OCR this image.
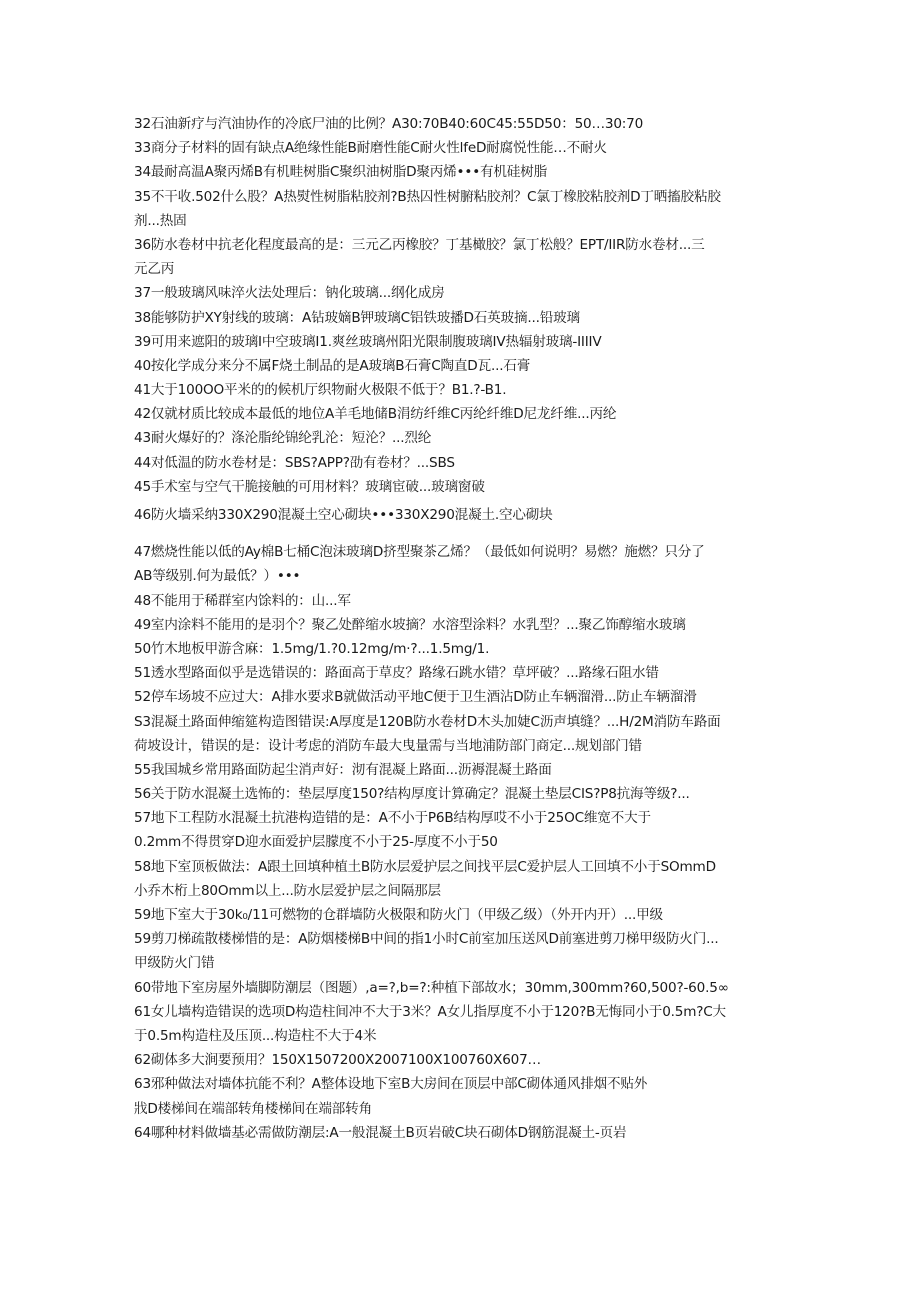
32石油新疗与汽油协作的冷底尸油的比例？A30:70B40:60C45:55D50：50…30:70
33商分子材料的固有缺点A绝缘性能B耐磨性能C耐火性lfeD耐腐悦性能…不耐火
34最耐高温A聚丙烯B有机畦树脂C聚织油树脂D聚丙烯•••有机硅树脂
35不干收.502什么股？A热熨性树脂粘胶剂?B热囚性树腑粘胶剂？C氯丁橡胶粘胶剂D丁晒搐胶粘胶
剂...热固
36防水卷材中抗老化程度最高的是：三元乙丙橡胶？丁基橄胶？氯丁松般？EPT/IIR防水卷材...三
元乙丙
37一般玻璃风味淬火法处理后：钠化玻璃...纲化成房
38能够防护XY射线的玻璃：A钻玻嫡B钾玻璃C铝铁玻播D石英玻摘...铅玻璃
39可用来遮阳的玻璃I中空玻璃I1.爽丝玻璃州阳光限制腹玻璃IV热辐射玻璃-IIIIV
40按化学成分来分不属F烧土制品的是A玻璃B石膏C陶直D瓦...石膏
41大于100OO平米的的候机厅织物耐火极限不低于？B1.?-B1.
42仅就材质比较成本最低的地位A羊毛地储B涓纺纤维C丙纶纤维D尼龙纤维...丙纶
43耐火爆好的？涤沦脂纶锦纶乳沦：短沦？...烈纶
44对低温的防水卷材是：SBS?APP?劭有卷材？...SBS
45手术室与空气干脆接触的可用材料？玻璃宦破...玻璃窗破
46防火墙采纳330X290混凝土空心砌块•••330X290混凝土.空心砌块
47燃烧性能以低的Ay棉B七桶C泡沫玻璃D挤型聚茶乙烯？（最低如何说明？易燃？施燃？只分了
AB等级别.何为最低？）•••
48不能用于稀群室内馀料的：山...军
49室内涂料不能用的是羽个？聚乙处醉缩水坡摘？水溶型涂料？水乳型？...聚乙饰醇缩水玻璃
50竹木地板甲游含麻：1.5mg∕1.?0.12mg∕m·?...1.5mg∕1.
51透水型路面似乎是选错误的：路面高于草皮？路缘石跳水错？草坪破？...路缘石阻水错
52停车场坡不应过大：A排水要求B就做活动平地C便于卫生酒沾D防止车辆溜滑...防止车辆溜滑
S3混凝土路面伸缩筵构造图错误:A厚度是120B防水卷材D木头加婕C沥声填缝？...H/2M消防车路面
荷坡设计，错误的是：设计考虑的消防车最大曳量需与当地浦防部门商定...规划部门错
55我国城乡常用路面防起尘消声好：沏有混凝上路面...沥褥混凝土路面
56关于防水混凝土选怖的：垫层厚度150?结构厚度计算确定？混凝土垫层CIS?P8抗海等级?...
57地下工程防水混凝土抗港构造错的是：A不小于P6B结构厚哎不小于25OC维宽不大于
0.2mm不得贯穿D迎水面爱护层朦度不小于25-厚度不小于50
58地下室顶板做法：A跟土回填种植土B防水层爱护层之间找平层C爱护层人工回填不小于SOmmD
小乔木桁上80Omm以上...防水层爱护层之间隔那层
59地下室大于30k₀/11可燃物的仓群墙防火极限和防火门（甲级乙级）（外开内开）...甲级
59剪刀梯疏散楼梯惜的是：A防烟楼梯B中间的指1小时C前室加压送风D前塞进剪刀梯甲级防火门...
甲级防火门错
60带地下室房屋外墙脚防潮层（图题）,a=?,b=?:种植下部故水；30mm,300mm?60,500?-60.5∞
61女儿墙构造错误的选项D构造柱间冲不大于3米？A女儿指厚度不小于120?B无悔同小于0.5m?C大
于0.5m构造柱及压顶...构造柱不大于4米
62砌体多大涧要预用？150X1507200X2007100X100760X607…
63邪种做法对墙体抗能不利？A整体设地下室B大房间在顶层中部C砌体通风排烟不贴外
戕D楼梯间在端部转角楼梯间在端部转角
64哪种材料做墙基必需做防潮层:A一般混凝土B页岩破C块石砌体D钢筋混凝土-页岩
